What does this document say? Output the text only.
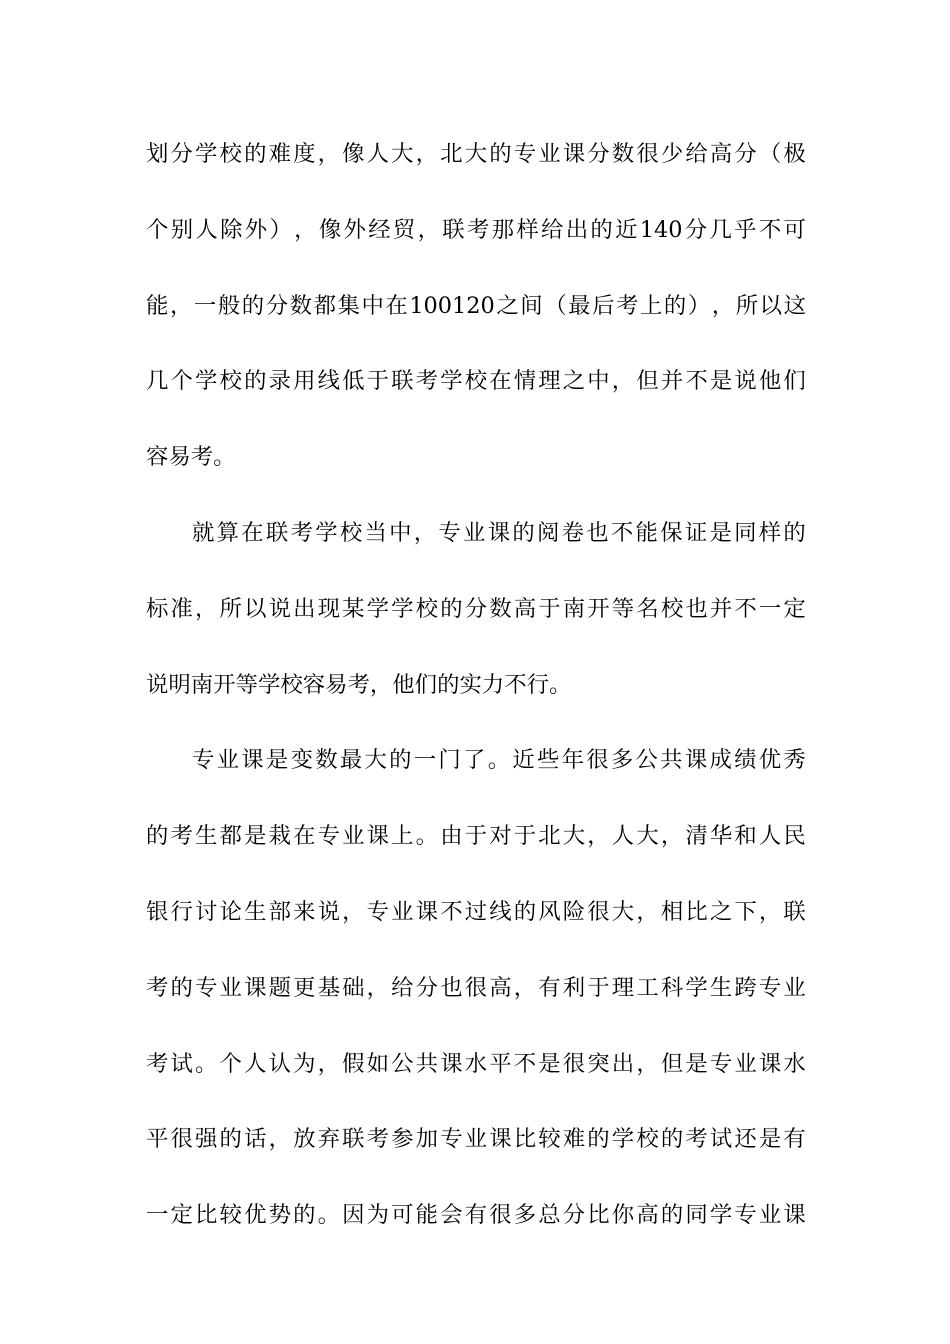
划 分 学 校 的 难 度 ， 像 人 大 ， 北 大 的 专 业 课 分 数 很 少 给 高 分 （ 极
个 别 人 除 外 ） ， 像 外 经 贸 ， 联 考 那 样 给 出 的 近 140 分 几 乎 不 可
能 ， 一 般 的 分 数 都 集 中 在 100120 之 间 （ 最 后 考 上 的 ） ， 所 以 这
几 个 学 校 的 录 用 线 低 于 联 考 学 校 在 情 理 之 中 ， 但 并 不 是 说 他 们
容易考。
就 算 在 联 考 学 校 当 中 ， 专 业 课 的 阅 卷 也 不 能 保 证 是 同 样 的
标 准 ， 所 以 说 出 现 某 学 学 校 的 分 数 高 于 南 开 等 名 校 也 并 不 一 定
说明南开等学校容易考，他们的实力不行。
专 业 课 是 变 数 最 大 的 一 门 了 。 近 些 年 很 多 公 共 课 成 绩 优 秀
的 考 生 都 是 栽 在 专 业 课 上 。 由 于 对 于 北 大 ， 人 大 ， 清 华 和 人 民
银 行 讨 论 生 部 来 说 ， 专 业 课 不 过 线 的 风 险 很 大 ， 相 比 之 下 ， 联
考 的 专 业 课 题 更 基 础 ， 给 分 也 很 高 ， 有 利 于 理 工 科 学 生 跨 专 业
考 试 。 个 人 认 为 ， 假 如 公 共 课 水 平 不 是 很 突 出 ， 但 是 专 业 课 水
平 很 强 的 话 ， 放 弃 联 考 参 加 专 业 课 比 较 难 的 学 校 的 考 试 还 是 有
一 定 比 较 优 势 的 。 因 为 可 能 会 有 很 多 总 分 比 你 高 的 同 学 专 业 课
